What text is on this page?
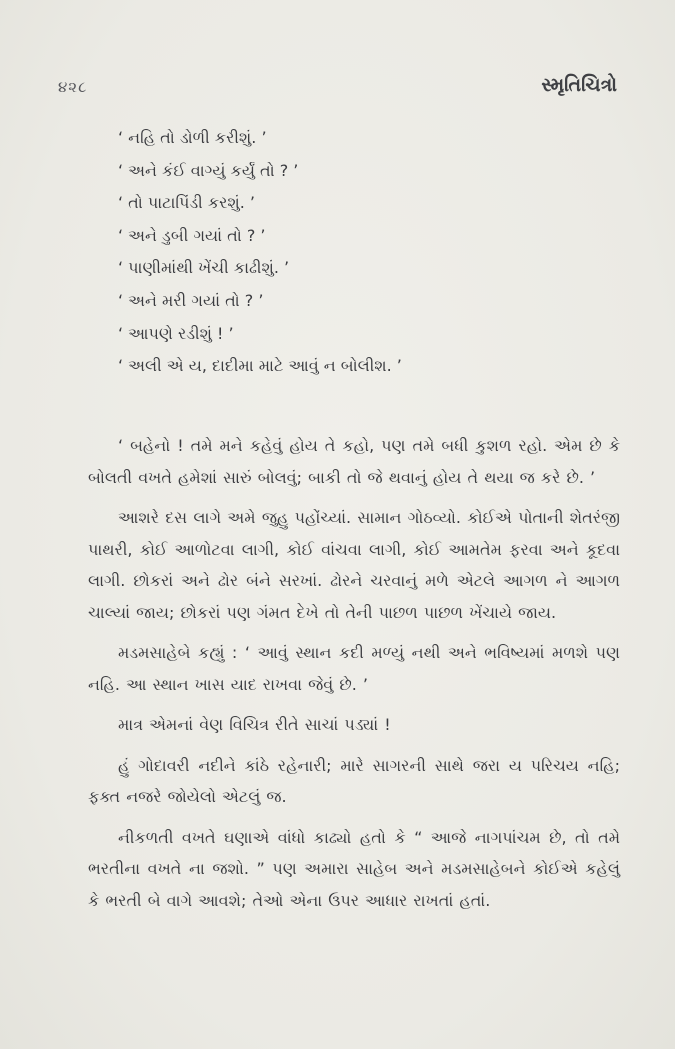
૪૨૮	સ્મૃતિચિત્રો
‘ નહિ તો ડોળી કરીશું. ’
‘ અને કંઈ વાગ્યું કર્યું તો ? ’
‘ તો પાટાપિંડી કરશું. ’
‘ અને ડુબી ગયાં તો ? ’
‘ પાણીમાંથી ખેંચી કાઢીશું. ’
‘ અને મરી ગયાં તો ? ’
‘ આપણે રડીશું ! ’
‘ અલી એ ય, દાદીમા માટે આવું ન બોલીશ. ’

‘ બહેનો ! તમે મને કહેવું હોય તે કહો, પણ તમે બધી કુશળ રહો. એમ છે કે બોલતી વખતે હમેશાં સારું બોલવું; બાકી તો જે થવાનું હોય તે થયા જ કરે છે. ’

આશરે દસ લાગે અમે જુહુ પહોંચ્યાં. સામાન ગોઠવ્યો. કોઈએ પોતાની શેતરંજી પાથરી, કોઈ આળોટવા લાગી, કોઈ વાંચવા લાગી, કોઈ આમતેમ ફરવા અને કૂદવા લાગી. છોકરાં અને ઢોર બંને સરખાં. ઢોરને ચરવાનું મળે એટલે આગળ ને આગળ ચાલ્યાં જાય; છોકરાં પણ ગંમત દેખે તો તેની પાછળ પાછળ ખેંચાયે જાય.

મડમસાહેબે કહ્યું : ‘ આવું સ્થાન કદી મળ્યું નથી અને ભવિષ્યમાં મળશે પણ નહિ. આ સ્થાન ખાસ યાદ રાખવા જેવું છે. ’

માત્ર એમનાં વેણ વિચિત્ર રીતે સાચાં પડ્યાં !

હું ગોદાવરી નદીને કાંઠે રહેનારી; મારે સાગરની સાથે જરા ય પરિચય નહિ; ફક્ત નજરે જોયેલો એટલું જ.

નીકળતી વખતે ઘણાએ વાંધો કાઢ્યો હતો કે “ આજે નાગપાંચમ છે, તો તમે ભરતીના વખતે ના જશો. ” પણ અમારા સાહેબ અને મડમસાહેબને કોઈએ કહેલું કે ભરતી બે વાગે આવશે; તેઓ એના ઉપર આધાર રાખતાં હતાં.
